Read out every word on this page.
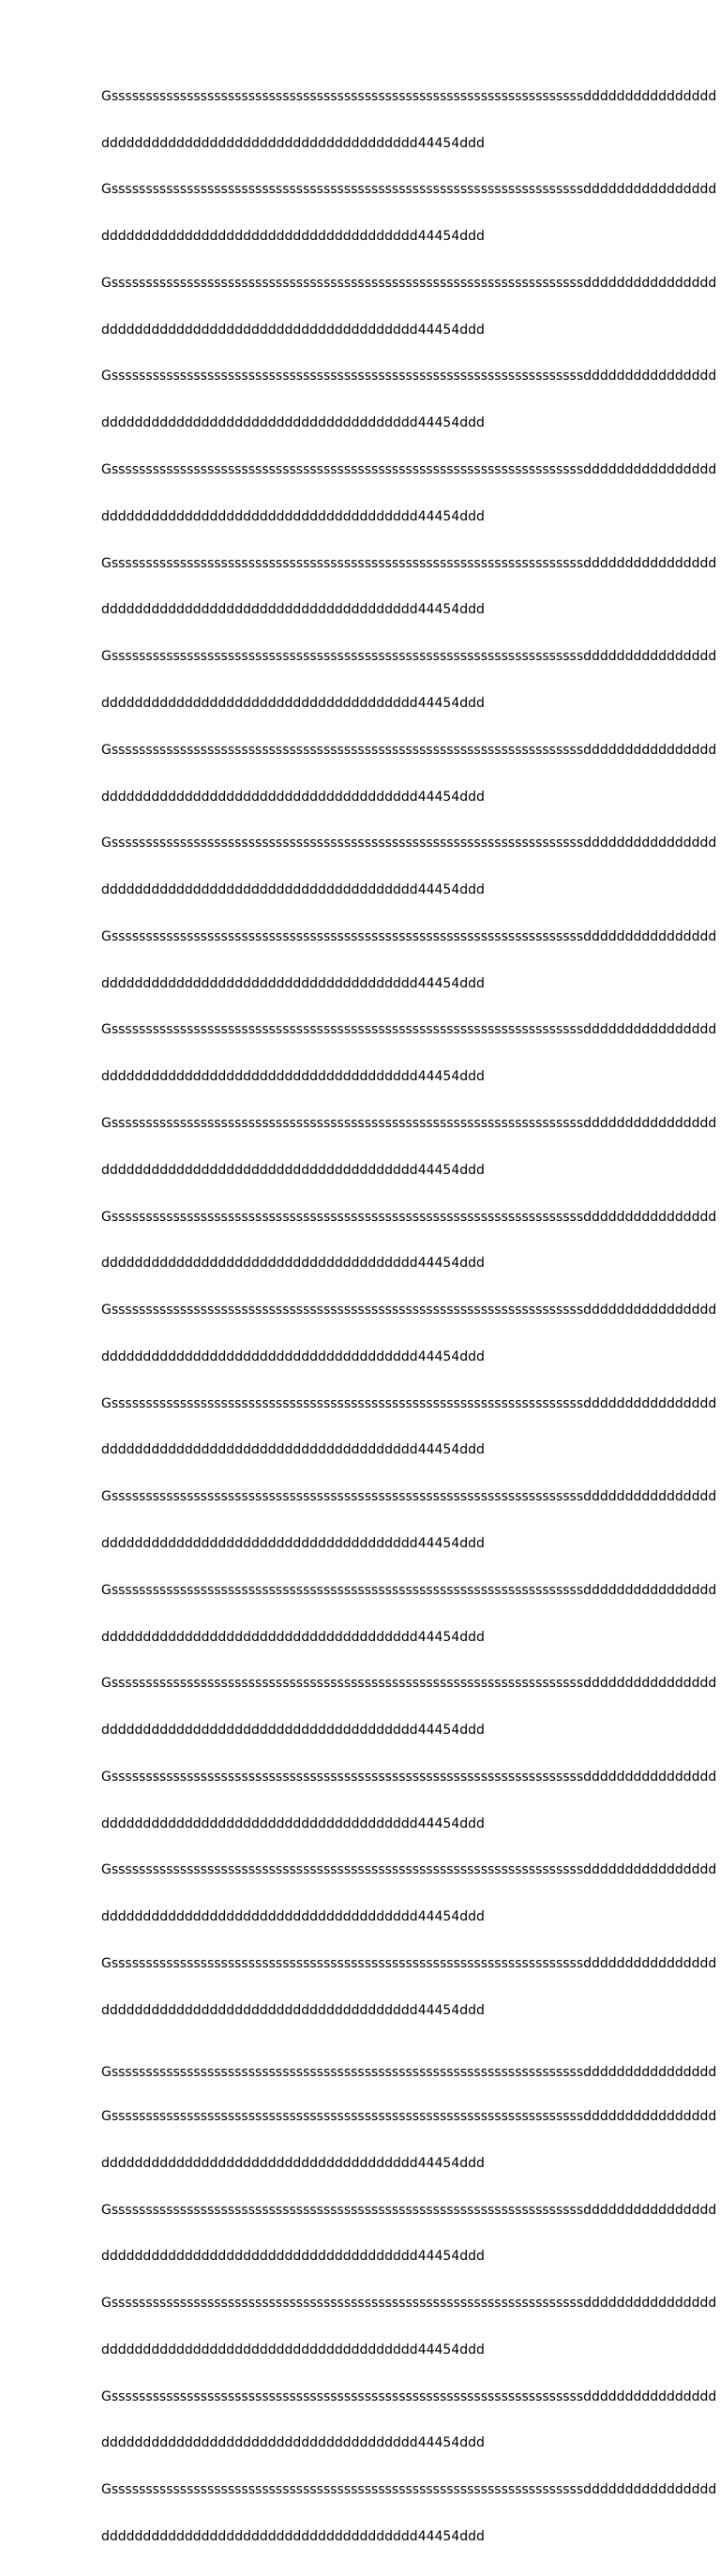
Gsssssssssssssssssssssssssssssssssssssssssssssssssssssssssssssssssssssdddddddddddddddd

dddddddddddddddddddddddddddddddddddddd44454ddd

Gsssssssssssssssssssssssssssssssssssssssssssssssssssssssssssssssssssssdddddddddddddddd

dddddddddddddddddddddddddddddddddddddd44454ddd

Gsssssssssssssssssssssssssssssssssssssssssssssssssssssssssssssssssssssdddddddddddddddd

dddddddddddddddddddddddddddddddddddddd44454ddd

Gsssssssssssssssssssssssssssssssssssssssssssssssssssssssssssssssssssssdddddddddddddddd

dddddddddddddddddddddddddddddddddddddd44454ddd

Gsssssssssssssssssssssssssssssssssssssssssssssssssssssssssssssssssssssdddddddddddddddd

dddddddddddddddddddddddddddddddddddddd44454ddd

Gsssssssssssssssssssssssssssssssssssssssssssssssssssssssssssssssssssssdddddddddddddddd

dddddddddddddddddddddddddddddddddddddd44454ddd

Gsssssssssssssssssssssssssssssssssssssssssssssssssssssssssssssssssssssdddddddddddddddd

dddddddddddddddddddddddddddddddddddddd44454ddd

Gsssssssssssssssssssssssssssssssssssssssssssssssssssssssssssssssssssssdddddddddddddddd

dddddddddddddddddddddddddddddddddddddd44454ddd

Gsssssssssssssssssssssssssssssssssssssssssssssssssssssssssssssssssssssdddddddddddddddd

dddddddddddddddddddddddddddddddddddddd44454ddd

Gsssssssssssssssssssssssssssssssssssssssssssssssssssssssssssssssssssssdddddddddddddddd

dddddddddddddddddddddddddddddddddddddd44454ddd

Gsssssssssssssssssssssssssssssssssssssssssssssssssssssssssssssssssssssdddddddddddddddd

dddddddddddddddddddddddddddddddddddddd44454ddd

Gsssssssssssssssssssssssssssssssssssssssssssssssssssssssssssssssssssssdddddddddddddddd

dddddddddddddddddddddddddddddddddddddd44454ddd

Gsssssssssssssssssssssssssssssssssssssssssssssssssssssssssssssssssssssdddddddddddddddd

dddddddddddddddddddddddddddddddddddddd44454ddd

Gsssssssssssssssssssssssssssssssssssssssssssssssssssssssssssssssssssssdddddddddddddddd

dddddddddddddddddddddddddddddddddddddd44454ddd

Gsssssssssssssssssssssssssssssssssssssssssssssssssssssssssssssssssssssdddddddddddddddd

dddddddddddddddddddddddddddddddddddddd44454ddd

Gsssssssssssssssssssssssssssssssssssssssssssssssssssssssssssssssssssssdddddddddddddddd

dddddddddddddddddddddddddddddddddddddd44454ddd

Gsssssssssssssssssssssssssssssssssssssssssssssssssssssssssssssssssssssdddddddddddddddd

dddddddddddddddddddddddddddddddddddddd44454ddd

Gsssssssssssssssssssssssssssssssssssssssssssssssssssssssssssssssssssssdddddddddddddddd

dddddddddddddddddddddddddddddddddddddd44454ddd

Gsssssssssssssssssssssssssssssssssssssssssssssssssssssssssssssssssssssdddddddddddddddd

dddddddddddddddddddddddddddddddddddddd44454ddd

Gsssssssssssssssssssssssssssssssssssssssssssssssssssssssssssssssssssssdddddddddddddddd

dddddddddddddddddddddddddddddddddddddd44454ddd

Gsssssssssssssssssssssssssssssssssssssssssssssssssssssssssssssssssssssdddddddddddddddd

dddddddddddddddddddddddddddddddddddddd44454ddd

Gsssssssssssssssssssssssssssssssssssssssssssssssssssssssssssssssssssssdddddddddddddddd

Gsssssssssssssssssssssssssssssssssssssssssssssssssssssssssssssssssssssdddddddddddddddd

dddddddddddddddddddddddddddddddddddddd44454ddd

Gsssssssssssssssssssssssssssssssssssssssssssssssssssssssssssssssssssssdddddddddddddddd

dddddddddddddddddddddddddddddddddddddd44454ddd

Gsssssssssssssssssssssssssssssssssssssssssssssssssssssssssssssssssssssdddddddddddddddd

dddddddddddddddddddddddddddddddddddddd44454ddd

Gsssssssssssssssssssssssssssssssssssssssssssssssssssssssssssssssssssssdddddddddddddddd

dddddddddddddddddddddddddddddddddddddd44454ddd

Gsssssssssssssssssssssssssssssssssssssssssssssssssssssssssssssssssssssdddddddddddddddd

dddddddddddddddddddddddddddddddddddddd44454ddd
